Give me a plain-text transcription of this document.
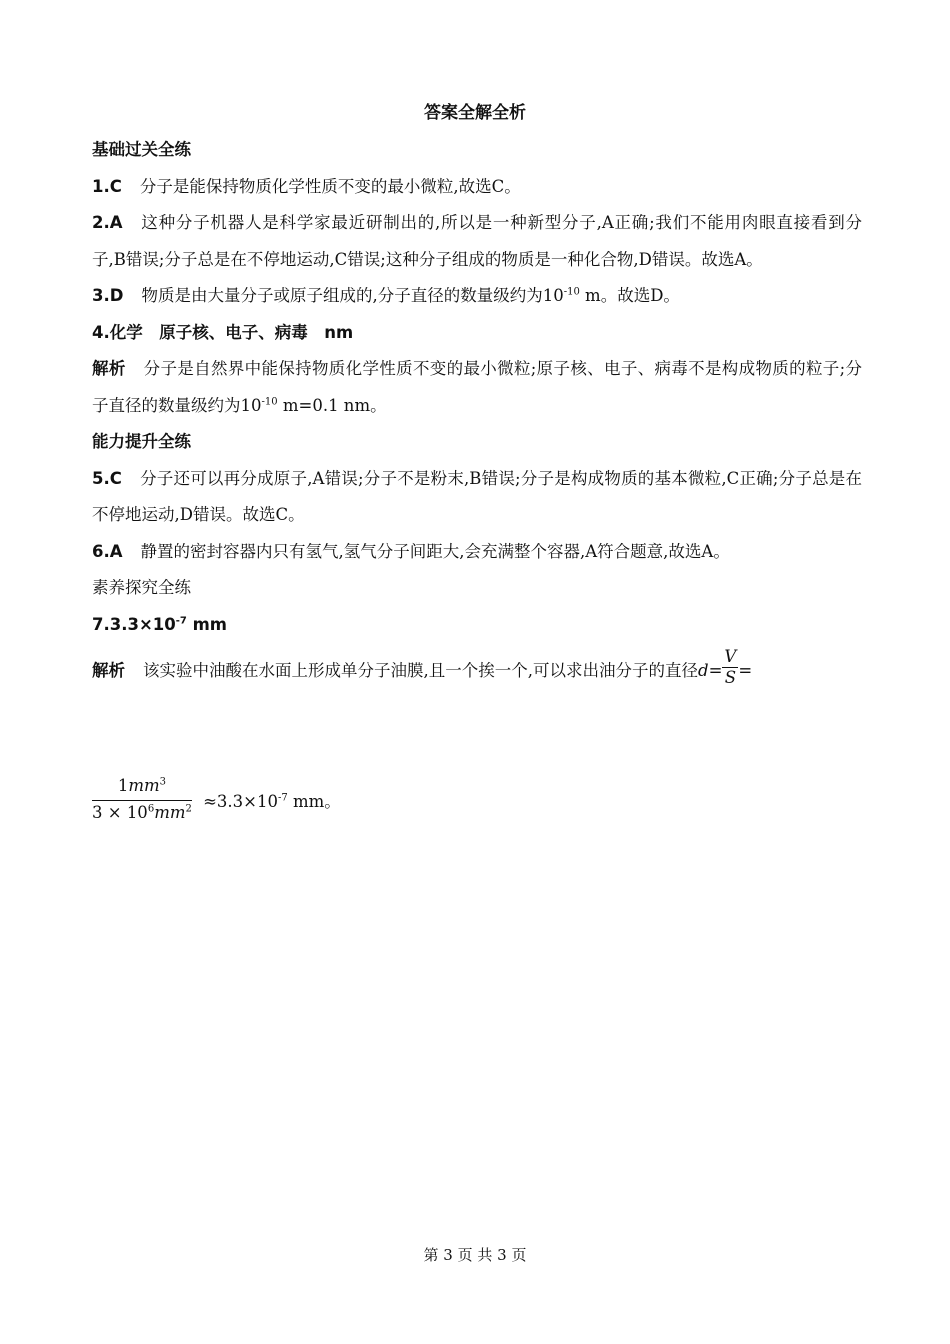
答案全解全析
基础过关全练
1.C 分子是能保持物质化学性质不变的最小微粒,故选C。
2.A 这种分子机器人是科学家最近研制出的,所以是一种新型分子,A正确;我们不能用肉眼直接看到分子,B错误;分子总是在不停地运动,C错误;这种分子组成的物质是一种化合物,D错误。故选A。
3.D 物质是由大量分子或原子组成的,分子直径的数量级约为$10^{-10}$ m。故选D。
4.化学　原子核、电子、病毒　nm
解析 分子是自然界中能保持物质化学性质不变的最小微粒;原子核、电子、病毒不是构成物质的粒子;分子直径的数量级约为$10^{-10}$ m=0.1 nm。
能力提升全练
5.C 分子还可以再分成原子,A错误;分子不是粉末,B错误;分子是构成物质的基本微粒,C正确;分子总是在不停地运动,D错误。故选C。
6.A 静置的密封容器内只有氢气,氢气分子间距大,会充满整个容器,A符合题意,故选A。
素养探究全练
$7.3.3\times 10^{-7}$ mm
解析 该实验中油酸在水面上形成单分子油膜,且一个挨一个,可以求出油分子的直径$d= \frac{V}{S}$ =
$\frac{1mm^3}{3 \times 10^6mm^2} \approx 3.3\times 10^{-7}$ mm。
第 3 页 共 3 页
